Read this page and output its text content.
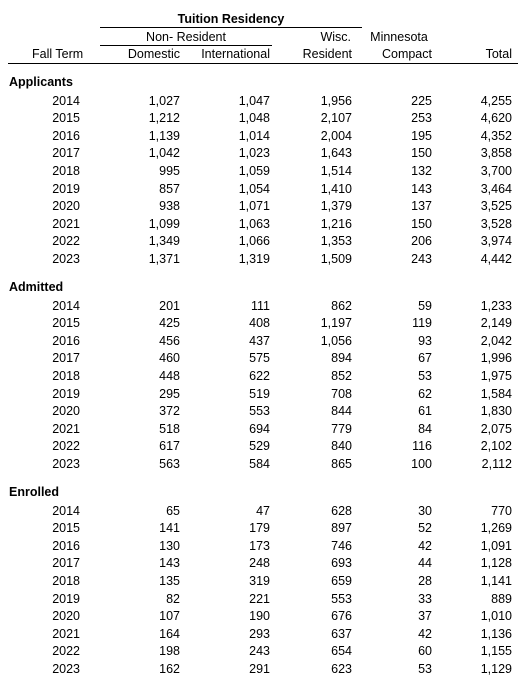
Tuition Residency
Non- Resident	Wisc.	Minnesota
Fall Term	Domestic	International	Resident	Compact	Total
Applicants
2014	1,027	1,047	1,956	225	4,255
2015	1,212	1,048	2,107	253	4,620
2016	1,139	1,014	2,004	195	4,352
2017	1,042	1,023	1,643	150	3,858
2018	995	1,059	1,514	132	3,700
2019	857	1,054	1,410	143	3,464
2020	938	1,071	1,379	137	3,525
2021	1,099	1,063	1,216	150	3,528
2022	1,349	1,066	1,353	206	3,974
2023	1,371	1,319	1,509	243	4,442
Admitted
2014	201	111	862	59	1,233
2015	425	408	1,197	119	2,149
2016	456	437	1,056	93	2,042
2017	460	575	894	67	1,996
2018	448	622	852	53	1,975
2019	295	519	708	62	1,584
2020	372	553	844	61	1,830
2021	518	694	779	84	2,075
2022	617	529	840	116	2,102
2023	563	584	865	100	2,112
Enrolled
2014	65	47	628	30	770
2015	141	179	897	52	1,269
2016	130	173	746	42	1,091
2017	143	248	693	44	1,128
2018	135	319	659	28	1,141
2019	82	221	553	33	889
2020	107	190	676	37	1,010
2021	164	293	637	42	1,136
2022	198	243	654	60	1,155
2023	162	291	623	53	1,129
